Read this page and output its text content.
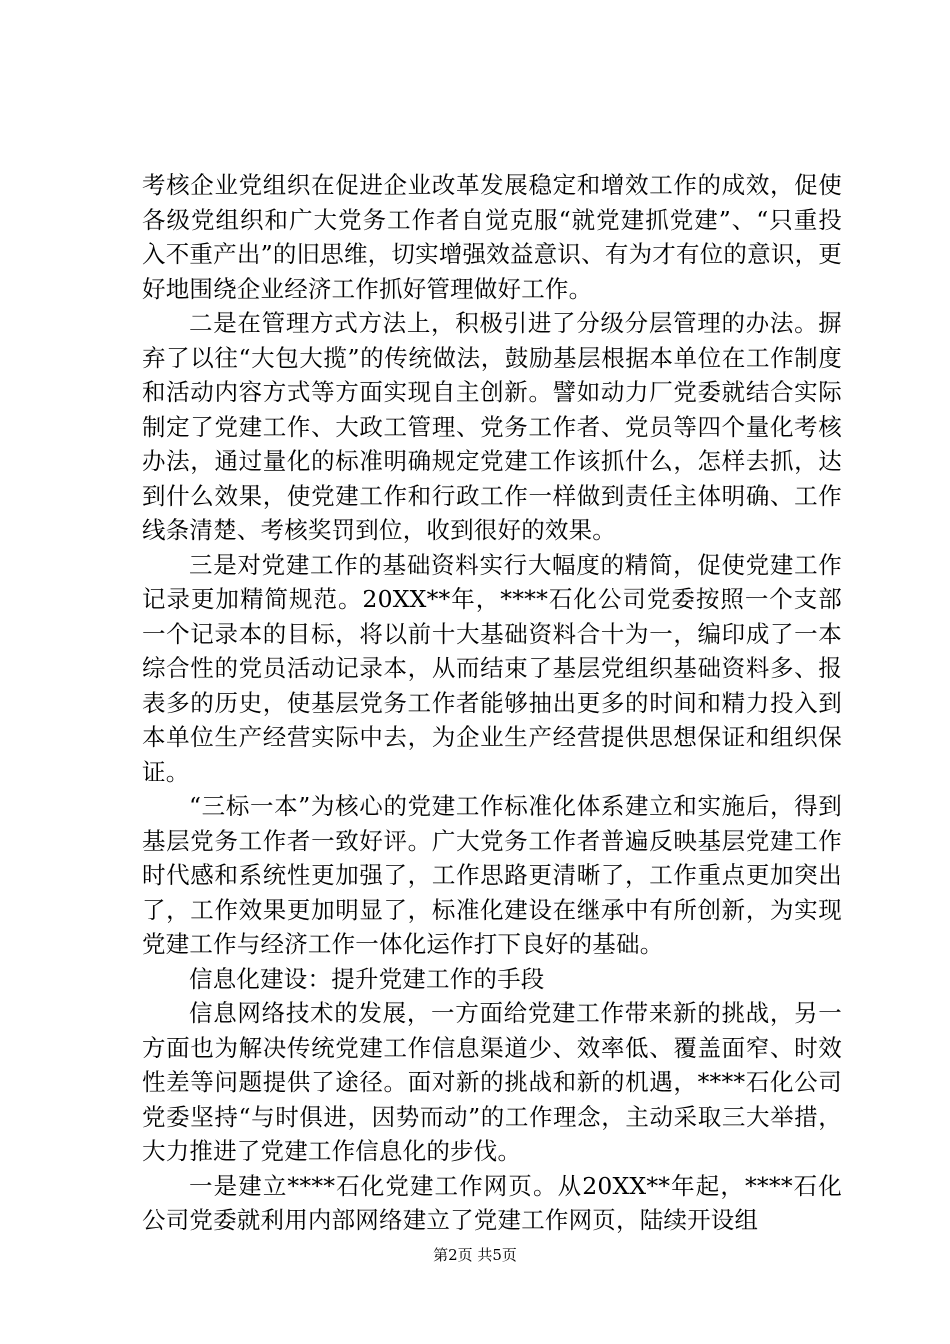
考核企业党组织在促进企业改革发展稳定和增效工作的成效，促使各级党组织和广大党务工作者自觉克服“就党建抓党建”、“只重投入不重产出”的旧思维，切实增强效益意识、有为才有位的意识，更好地围绕企业经济工作抓好管理做好工作。

二是在管理方式方法上，积极引进了分级分层管理的办法。摒弃了以往“大包大揽”的传统做法，鼓励基层根据本单位在工作制度和活动内容方式等方面实现自主创新。譬如动力厂党委就结合实际制定了党建工作、大政工管理、党务工作者、党员等四个量化考核办法，通过量化的标准明确规定党建工作该抓什么，怎样去抓，达到什么效果，使党建工作和行政工作一样做到责任主体明确、工作线条清楚、考核奖罚到位，收到很好的效果。

三是对党建工作的基础资料实行大幅度的精简，促使党建工作记录更加精简规范。20XX**年，****石化公司党委按照一个支部一个记录本的目标，将以前十大基础资料合十为一，编印成了一本综合性的党员活动记录本，从而结束了基层党组织基础资料多、报表多的历史，使基层党务工作者能够抽出更多的时间和精力投入到本单位生产经营实际中去，为企业生产经营提供思想保证和组织保证。

“三标一本”为核心的党建工作标准化体系建立和实施后，得到基层党务工作者一致好评。广大党务工作者普遍反映基层党建工作时代感和系统性更加强了，工作思路更清晰了，工作重点更加突出了，工作效果更加明显了，标准化建设在继承中有所创新，为实现党建工作与经济工作一体化运作打下良好的基础。

信息化建设：提升党建工作的手段

信息网络技术的发展，一方面给党建工作带来新的挑战，另一方面也为解决传统党建工作信息渠道少、效率低、覆盖面窄、时效性差等问题提供了途径。面对新的挑战和新的机遇，****石化公司党委坚持“与时俱进，因势而动”的工作理念，主动采取三大举措，大力推进了党建工作信息化的步伐。

一是建立****石化党建工作网页。从20XX**年起，****石化公司党委就利用内部网络建立了党建工作网页，陆续开设组

第2页 共5页
